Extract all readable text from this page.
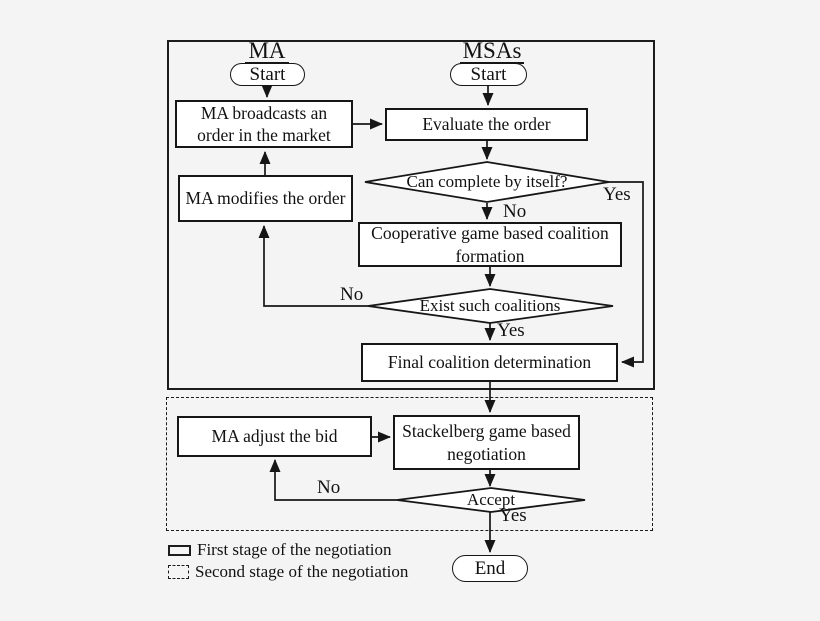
MA	MSAs
Start	Start
End
MA broadcasts an order in the market
Evaluate the order
MA modifies the order
Cooperative game based coalition formation
Final coalition determination
MA adjust the bid	Stackelberg game based negotiation
Can complete by itself?
Exist such coalitions
Accept
Yes
No
No
Yes
No
Yes
First stage of the negotiation
Second stage of the negotiation
